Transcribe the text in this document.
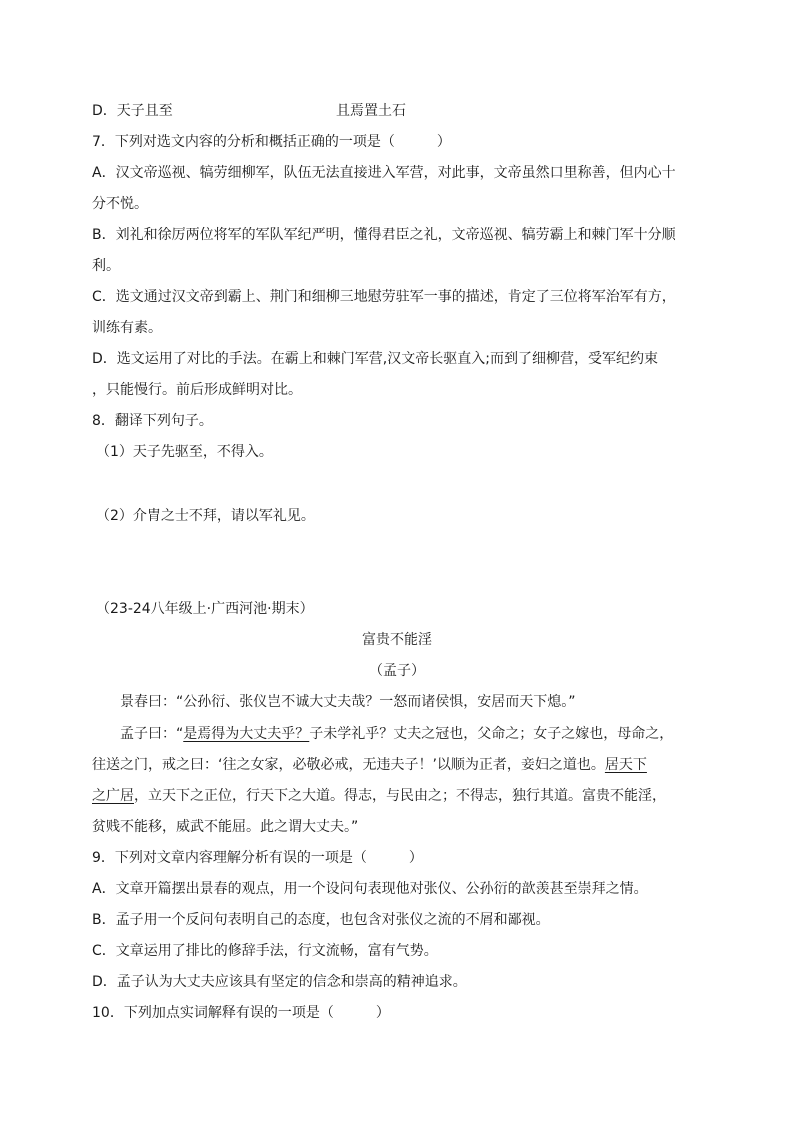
D．天子且至	且焉置土石
7．下列对选文内容的分析和概括正确的一项是（　　　）
A．汉文帝巡视、犒劳细柳军，队伍无法直接进入军营，对此事，文帝虽然口里称善，但内心十
分不悦。
B．刘礼和徐厉两位将军的军队军纪严明，懂得君臣之礼，文帝巡视、犒劳霸上和棘门军十分顺
利。
C．选文通过汉文帝到霸上、荆门和细柳三地慰劳驻军一事的描述，肯定了三位将军治军有方，
训练有素。
D．选文运用了对比的手法。在霸上和棘门军营,汉文帝长驱直入;而到了细柳营，受军纪约束
，只能慢行。前后形成鲜明对比。
8．翻译下列句子。
（1）天子先驱至，不得入。
（2）介胄之士不拜，请以军礼见。
（23-24八年级上·广西河池·期末）
富贵不能淫
（孟子）
景春曰：“公孙衍、张仪岂不诚大丈夫哉？一怒而诸侯惧，安居而天下熄。”
孟子曰：“是焉得为大丈夫乎？子未学礼乎？丈夫之冠也，父命之；女子之嫁也，母命之，
往送之门，戒之曰：‘往之女家，必敬必戒，无违夫子！’以顺为正者，妾妇之道也。居天下
之广居，立天下之正位，行天下之大道。得志，与民由之；不得志，独行其道。富贵不能淫，
贫贱不能移，威武不能屈。此之谓大丈夫。”
9．下列对文章内容理解分析有误的一项是（　　　）
A．文章开篇摆出景春的观点，用一个设问句表现他对张仪、公孙衍的歆羡甚至崇拜之情。
B．孟子用一个反问句表明自己的态度，也包含对张仪之流的不屑和鄙视。
C．文章运用了排比的修辞手法，行文流畅，富有气势。
D．孟子认为大丈夫应该具有坚定的信念和崇高的精神追求。
10．下列加点实词解释有误的一项是（　　　）
